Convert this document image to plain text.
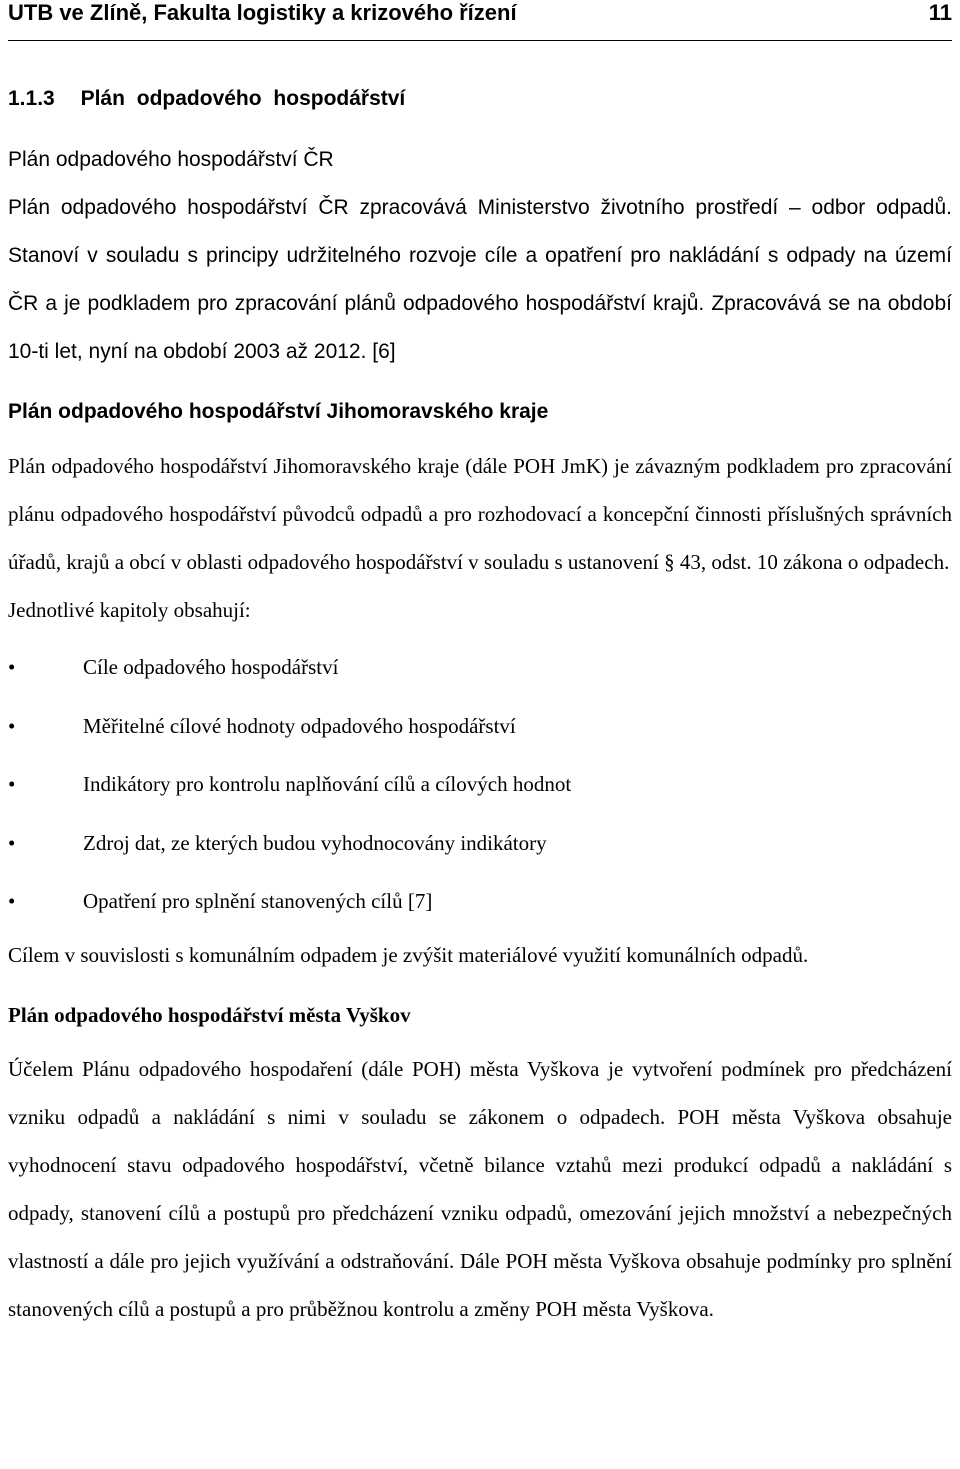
UTB ve Zlíně, Fakulta logistiky a krizového řízení	11
1.1.3 Plán odpadového hospodářství
Plán odpadového hospodářství ČR

Plán odpadového hospodářství ČR zpracovává Ministerstvo životního prostředí – odbor odpadů. Stanoví v souladu s principy udržitelného rozvoje cíle a opatření pro nakládání s odpady na území ČR a je podkladem pro zpracování plánů odpadového hospodářství krajů. Zpracovává se na období 10-ti let, nyní na období 2003 až 2012. [6]

Plán odpadového hospodářství Jihomoravského kraje

Plán odpadového hospodářství Jihomoravského kraje (dále POH JmK) je závazným podkladem pro zpracování plánu odpadového hospodářství původců odpadů a pro rozhodovací a koncepční činnosti příslušných správních úřadů, krajů a obcí v oblasti odpadového hospodářství v souladu s ustanovení § 43, odst. 10 zákona o odpadech.

Jednotlivé kapitoly obsahují:

•	Cíle odpadového hospodářství
•	Měřitelné cílové hodnoty odpadového hospodářství
•	Indikátory pro kontrolu naplňování cílů a cílových hodnot
•	Zdroj dat, ze kterých budou vyhodnocovány indikátory
•	Opatření pro splnění stanovených cílů [7]

Cílem v souvislosti s komunálním odpadem je zvýšit materiálové využití komunálních odpadů.

Plán odpadového hospodářství města Vyškov

Účelem Plánu odpadového hospodaření (dále POH) města Vyškova je vytvoření podmínek pro předcházení vzniku odpadů a nakládání s nimi v souladu se zákonem o odpadech. POH města Vyškova obsahuje vyhodnocení stavu odpadového hospodářství, včetně bilance vztahů mezi produkcí odpadů a nakládání s odpady, stanovení cílů a postupů pro předcházení vzniku odpadů, omezování jejich množství a nebezpečných vlastností a dále pro jejich využívání a odstraňování. Dále POH města Vyškova obsahuje podmínky pro splnění stanovených cílů a postupů a pro průběžnou kontrolu a změny POH města Vyškova.
